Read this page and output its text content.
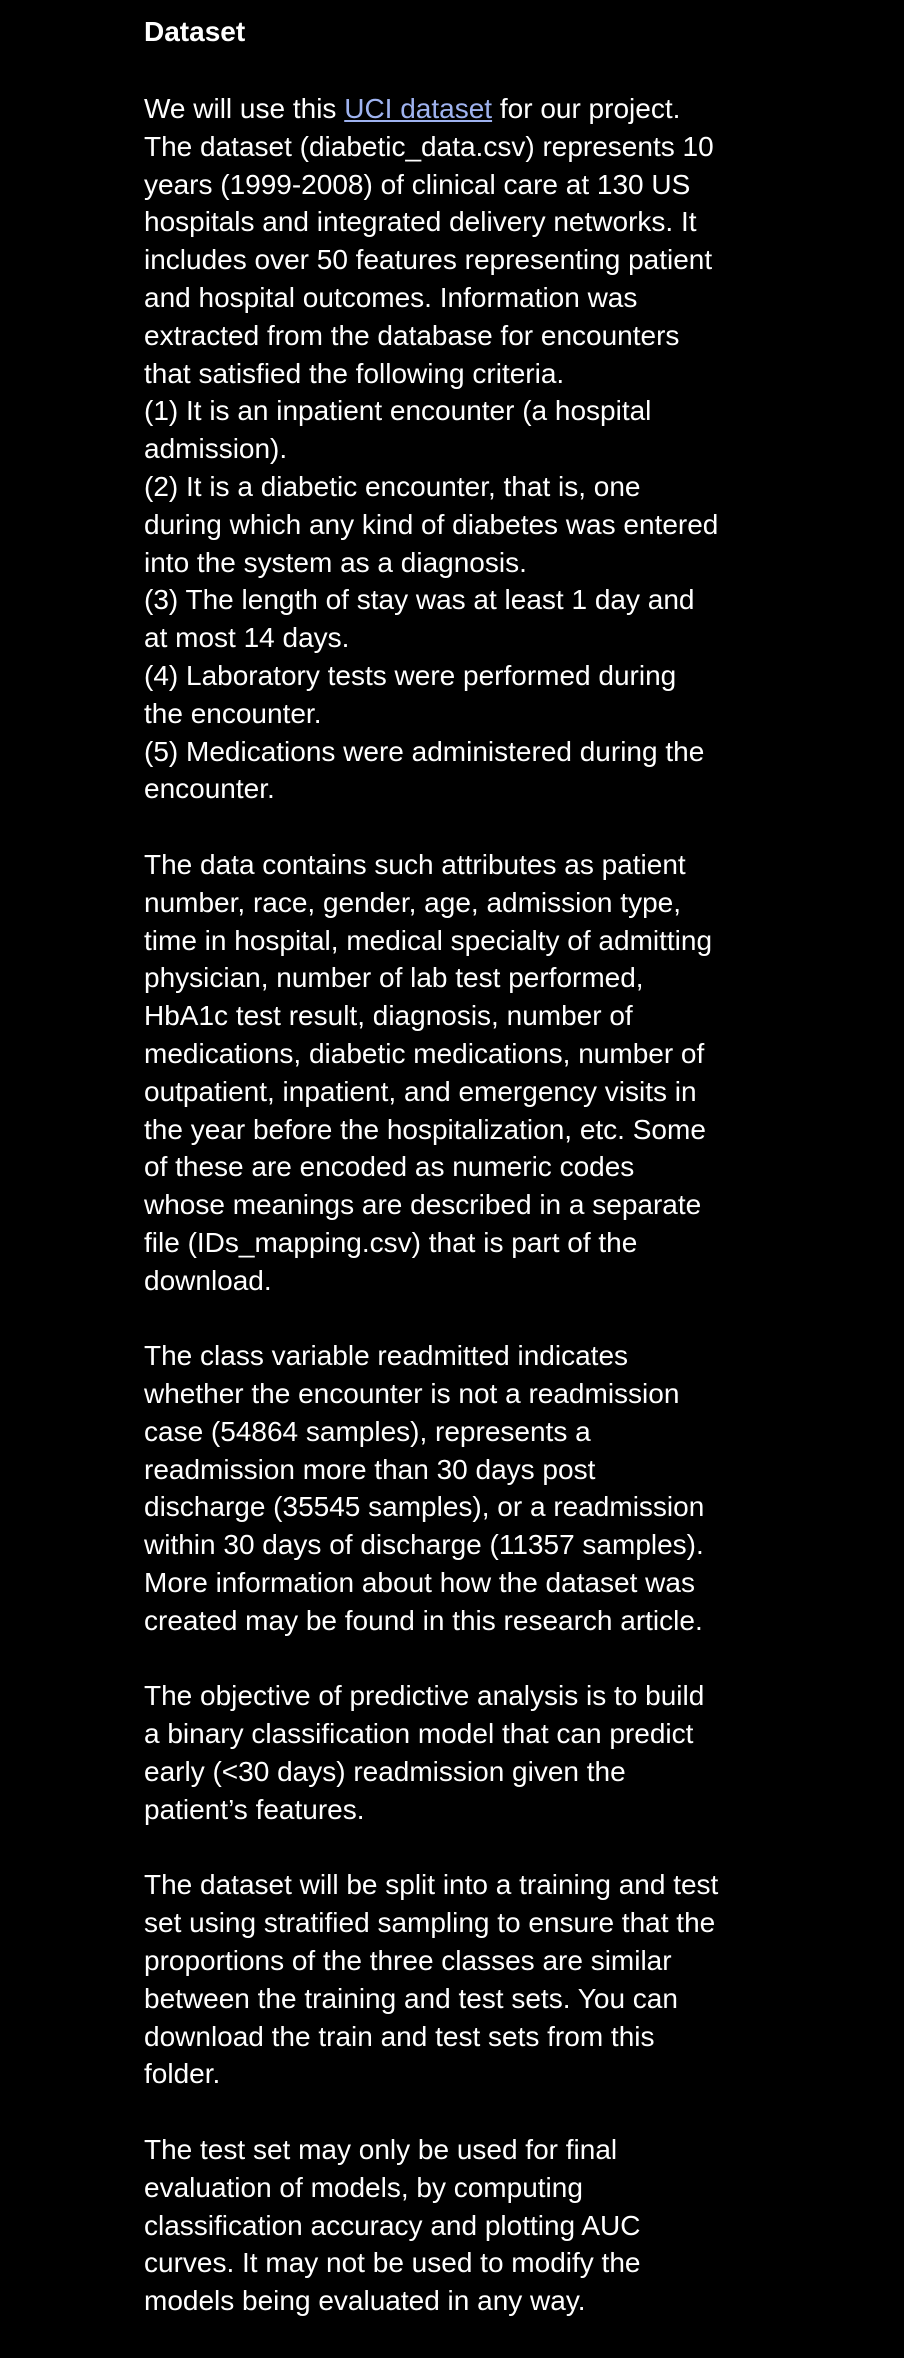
Dataset
We will use this UCI dataset for our project.
The dataset (diabetic_data.csv) represents 10
years (1999-2008) of clinical care at 130 US
hospitals and integrated delivery networks. It
includes over 50 features representing patient
and hospital outcomes. Information was
extracted from the database for encounters
that satisfied the following criteria.
(1) It is an inpatient encounter (a hospital
admission).
(2) It is a diabetic encounter, that is, one
during which any kind of diabetes was entered
into the system as a diagnosis.
(3) The length of stay was at least 1 day and
at most 14 days.
(4) Laboratory tests were performed during
the encounter.
(5) Medications were administered during the
encounter.
The data contains such attributes as patient
number, race, gender, age, admission type,
time in hospital, medical specialty of admitting
physician, number of lab test performed,
HbA1c test result, diagnosis, number of
medications, diabetic medications, number of
outpatient, inpatient, and emergency visits in
the year before the hospitalization, etc. Some
of these are encoded as numeric codes
whose meanings are described in a separate
file (IDs_mapping.csv) that is part of the
download.
The class variable readmitted indicates
whether the encounter is not a readmission
case (54864 samples), represents a
readmission more than 30 days post
discharge (35545 samples), or a readmission
within 30 days of discharge (11357 samples).
More information about how the dataset was
created may be found in this research article.
The objective of predictive analysis is to build
a binary classification model that can predict
early (<30 days) readmission given the
patient’s features.
The dataset will be split into a training and test
set using stratified sampling to ensure that the
proportions of the three classes are similar
between the training and test sets. You can
download the train and test sets from this
folder.
The test set may only be used for final
evaluation of models, by computing
classification accuracy and plotting AUC
curves. It may not be used to modify the
models being evaluated in any way.
